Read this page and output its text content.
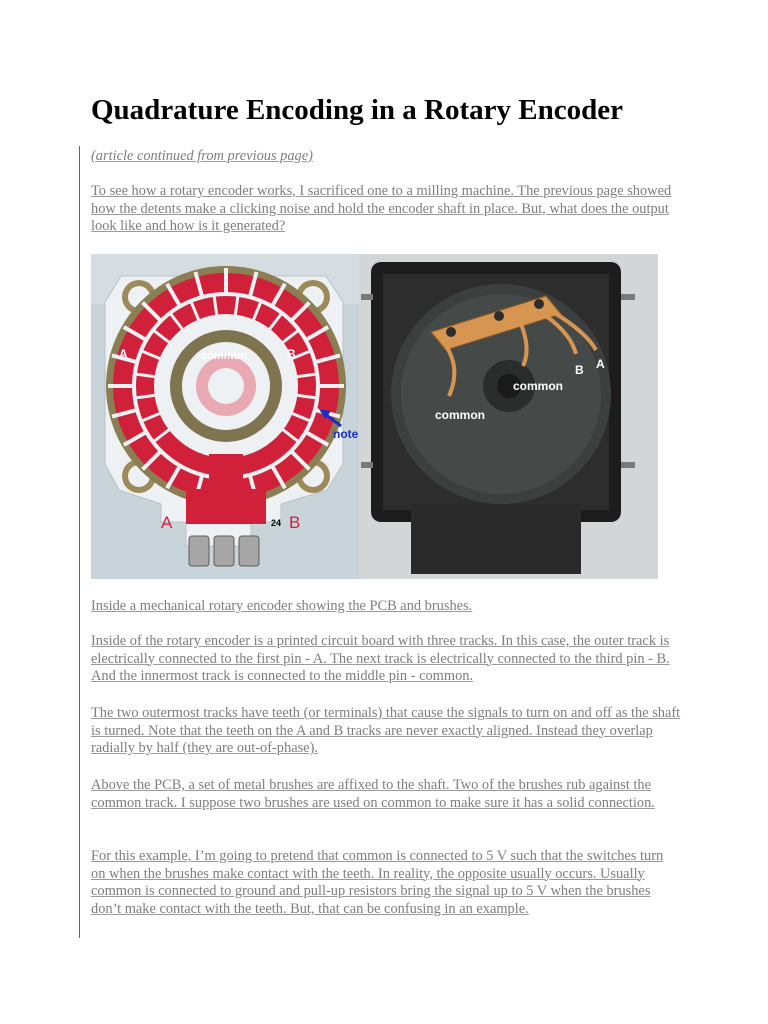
Quadrature Encoding in a Rotary Encoder

(article continued from previous page)

To see how a rotary encoder works, I sacrificed one to a milling machine. The previous page showed how the detents make a clicking noise and hold the encoder shaft in place. But, what does the output look like and how is it generated?

A	B
common
note
A	B
24
common
common
B A

Inside a mechanical rotary encoder showing the PCB and brushes.

Inside of the rotary encoder is a printed circuit board with three tracks. In this case, the outer track is electrically connected to the first pin - A. The next track is electrically connected to the third pin - B. And the innermost track is connected to the middle pin - common.

The two outermost tracks have teeth (or terminals) that cause the signals to turn on and off as the shaft is turned. Note that the teeth on the A and B tracks are never exactly aligned. Instead they overlap radially by half (they are out-of-phase).

Above the PCB, a set of metal brushes are affixed to the shaft. Two of the brushes rub against the common track. I suppose two brushes are used on common to make sure it has a solid connection.

For this example, I’m going to pretend that common is connected to 5 V such that the switches turn on when the brushes make contact with the teeth. In reality, the opposite usually occurs. Usually common is connected to ground and pull-up resistors bring the signal up to 5 V when the brushes don’t make contact with the teeth. But, that can be confusing in an example.
